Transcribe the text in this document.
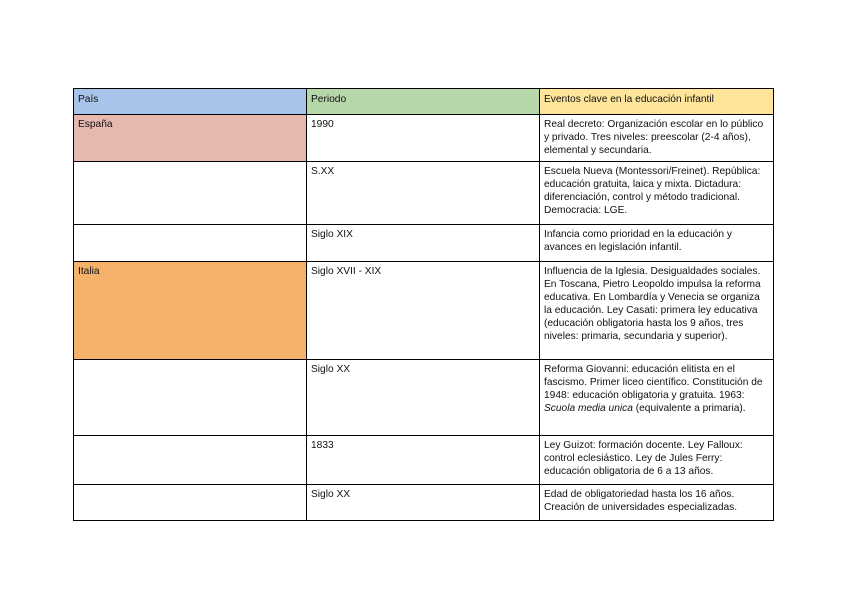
País	Periodo	Eventos clave en la educación infantil
España	1990	Real decreto: Organización escolar en lo público y privado. Tres niveles: preescolar (2-4 años), elemental y secundaria.
	S.XX	Escuela Nueva (Montessori/Freinet). República: educación gratuita, laica y mixta. Dictadura: diferenciación, control y método tradicional. Democracia: LGE.
	Siglo XIX	Infancia como prioridad en la educación y avances en legislación infantil.
Italia	Siglo XVII - XIX	Influencia de la Iglesia. Desigualdades sociales. En Toscana, Pietro Leopoldo impulsa la reforma educativa. En Lombardía y Venecia se organiza la educación. Ley Casati: primera ley educativa (educación obligatoria hasta los 9 años, tres niveles: primaria, secundaria y superior).
	Siglo XX	Reforma Giovanni: educación elitista en el fascismo. Primer liceo científico. Constitución de 1948: educación obligatoria y gratuita. 1963: Scuola media unica (equivalente a primaria).
	1833	Ley Guizot: formación docente. Ley Falloux: control eclesiástico. Ley de Jules Ferry: educación obligatoria de 6 a 13 años.
	Siglo XX	Edad de obligatoriedad hasta los 16 años. Creación de universidades especializadas.
